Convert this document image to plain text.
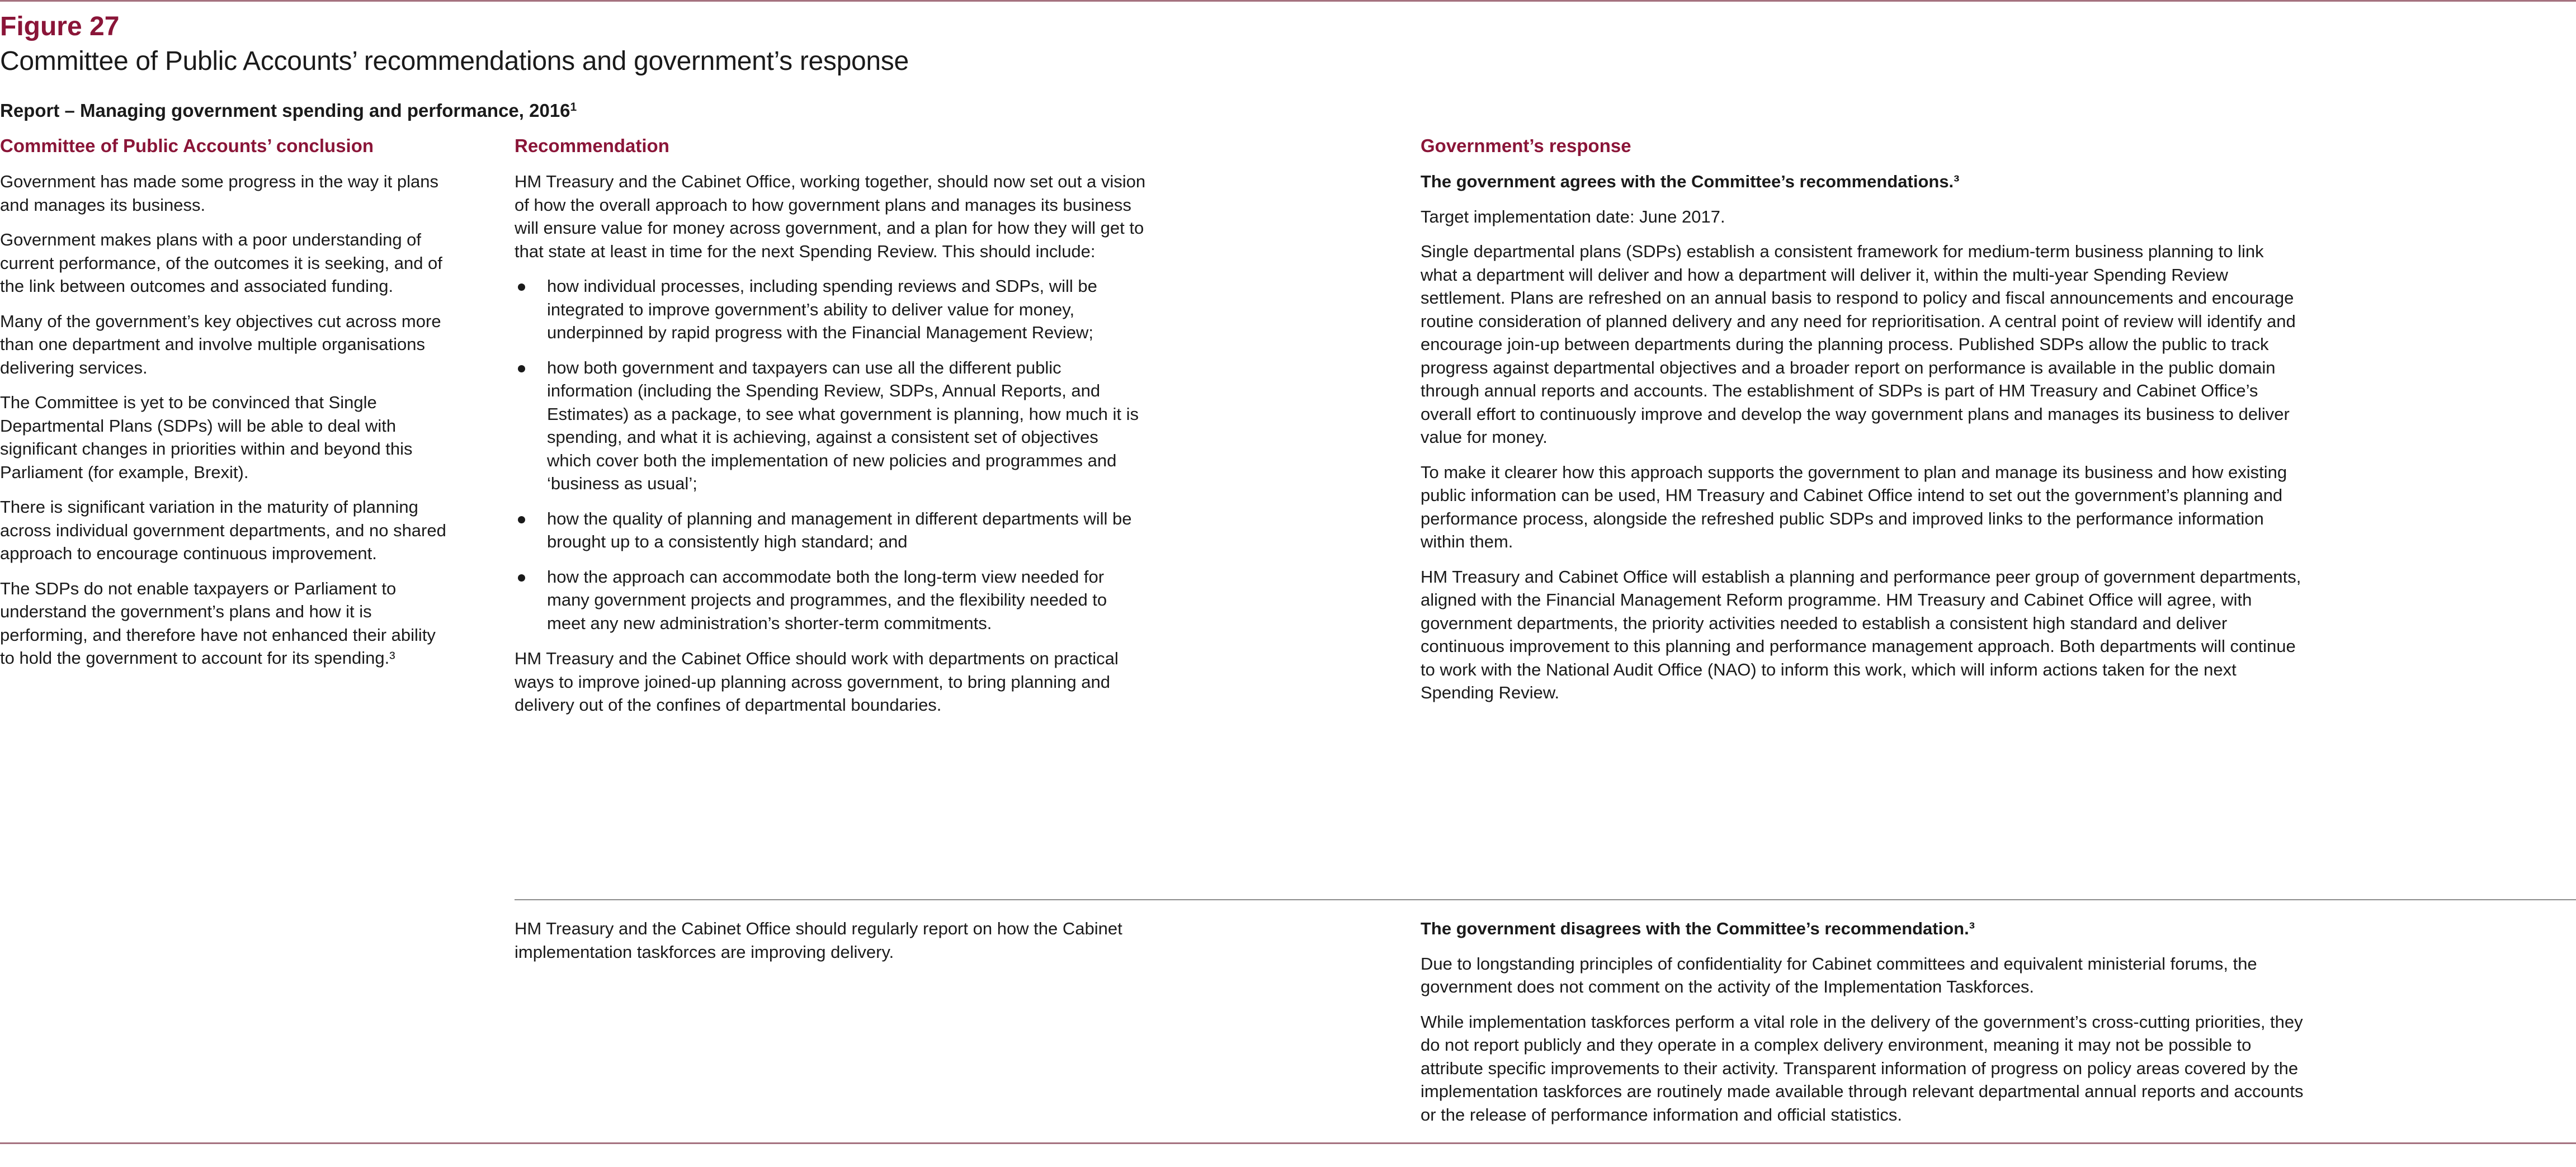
Figure 27
Committee of Public Accounts’ recommendations and government’s response
Report – Managing government spending and performance, 2016$^1$
Committee of Public Accounts’ conclusion

Government has made some progress in the way it plans and manages its business.

Government makes plans with a poor understanding of current performance, of the outcomes it is seeking, and of the link between outcomes and associated funding.

Many of the government’s key objectives cut across more than one department and involve multiple organisations delivering services.

The Committee is yet to be convinced that Single Departmental Plans (SDPs) will be able to deal with significant changes in priorities within and beyond this Parliament (for example, Brexit).

There is significant variation in the maturity of planning across individual government departments, and no shared approach to encourage continuous improvement.

The SDPs do not enable taxpayers or Parliament to understand the government’s plans and how it is performing, and therefore have not enhanced their ability to hold the government to account for its spending.³

Recommendation

HM Treasury and the Cabinet Office, working together, should now set out a vision of how the overall approach to how government plans and manages its business will ensure value for money across government, and a plan for how they will get to that state at least in time for the next Spending Review. This should include:

how individual processes, including spending reviews and SDPs, will be integrated to improve government’s ability to deliver value for money, underpinned by rapid progress with the Financial Management Review;
how both government and taxpayers can use all the different public information (including the Spending Review, SDPs, Annual Reports, and Estimates) as a package, to see what government is planning, how much it is spending, and what it is achieving, against a consistent set of objectives which cover both the implementation of new policies and programmes and ‘business as usual’;
how the quality of planning and management in different departments will be brought up to a consistently high standard; and
how the approach can accommodate both the long-term view needed for many government projects and programmes, and the flexibility needed to meet any new administration’s shorter-term commitments.

HM Treasury and the Cabinet Office should work with departments on practical ways to improve joined-up planning across government, to bring planning and delivery out of the confines of departmental boundaries.

Government’s response

The government agrees with the Committee’s recommendations.³

Target implementation date: June 2017.

Single departmental plans (SDPs) establish a consistent framework for medium-term business planning to link what a department will deliver and how a department will deliver it, within the multi-year Spending Review settlement. Plans are refreshed on an annual basis to respond to policy and fiscal announcements and encourage routine consideration of planned delivery and any need for reprioritisation. A central point of review will identify and encourage join-up between departments during the planning process. Published SDPs allow the public to track progress against departmental objectives and a broader report on performance is available in the public domain through annual reports and accounts. The establishment of SDPs is part of HM Treasury and Cabinet Office’s overall effort to continuously improve and develop the way government plans and manages its business to deliver value for money.

To make it clearer how this approach supports the government to plan and manage its business and how existing public information can be used, HM Treasury and Cabinet Office intend to set out the government’s planning and performance process, alongside the refreshed public SDPs and improved links to the performance information within them.

HM Treasury and Cabinet Office will establish a planning and performance peer group of government departments, aligned with the Financial Management Reform programme. HM Treasury and Cabinet Office will agree, with government departments, the priority activities needed to establish a consistent high standard and deliver continuous improvement to this planning and performance management approach. Both departments will continue to work with the National Audit Office (NAO) to inform this work, which will inform actions taken for the next Spending Review.

HM Treasury and the Cabinet Office should regularly report on how the Cabinet implementation taskforces are improving delivery.

The government disagrees with the Committee’s recommendation.³

Due to longstanding principles of confidentiality for Cabinet committees and equivalent ministerial forums, the government does not comment on the activity of the Implementation Taskforces.

While implementation taskforces perform a vital role in the delivery of the government’s cross-cutting priorities, they do not report publicly and they operate in a complex delivery environment, meaning it may not be possible to attribute specific improvements to their activity. Transparent information of progress on policy areas covered by the implementation taskforces are routinely made available through relevant departmental annual reports and accounts or the release of performance information and official statistics.
